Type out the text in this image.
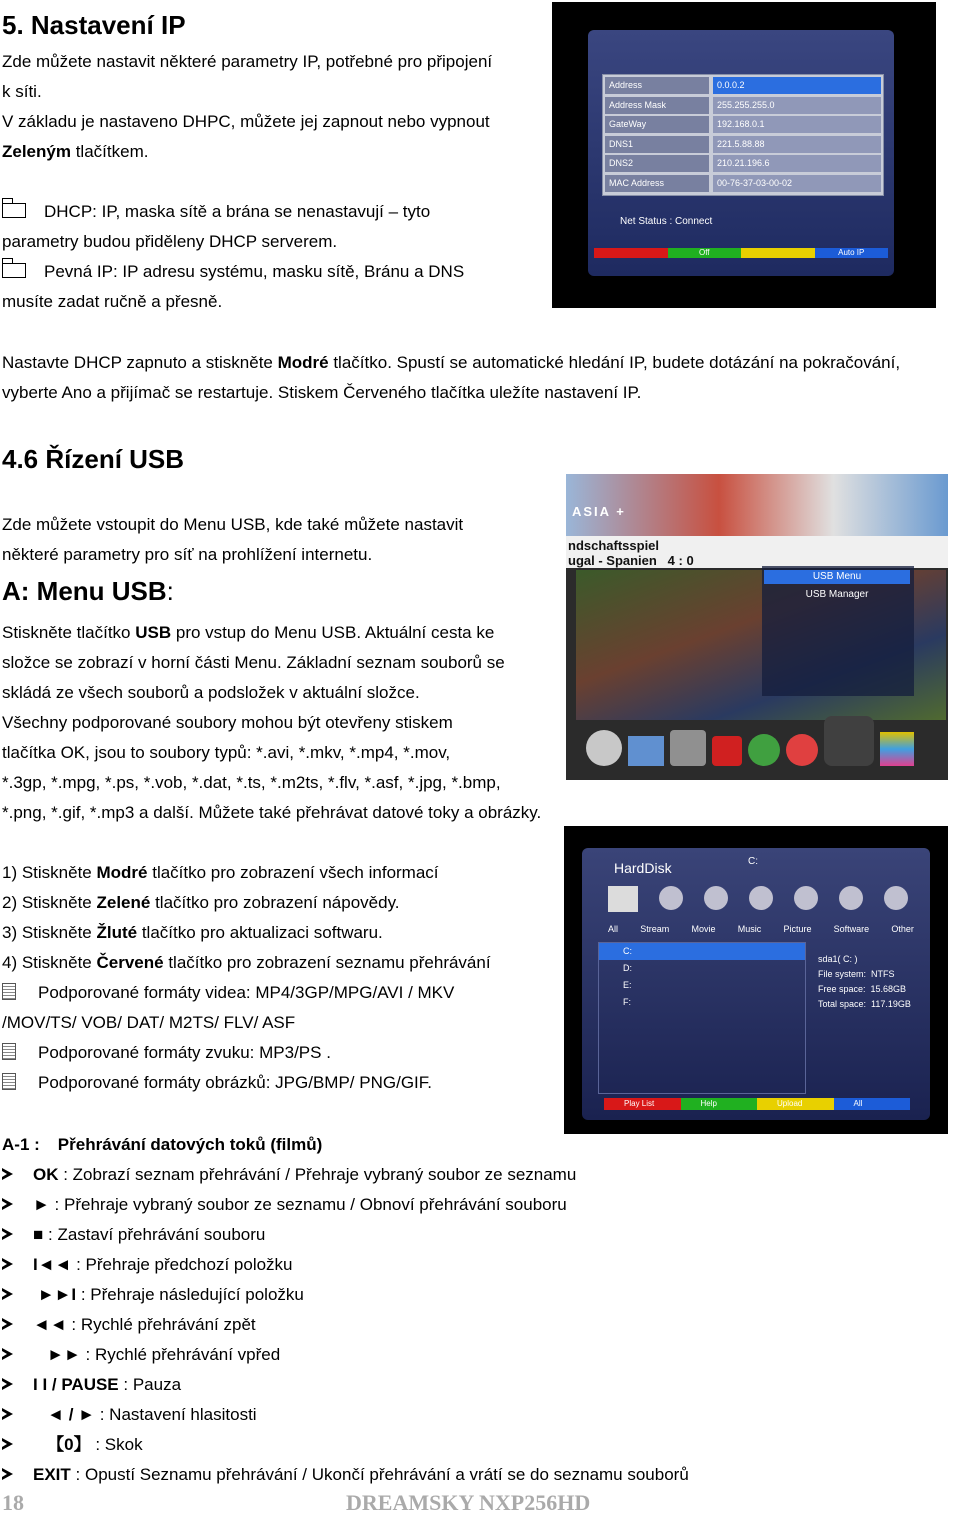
5. Nastavení IP
Zde můžete nastavit některé parametry IP, potřebné pro připojení
k síti.
V základu je nastaveno DHPC, můžete jej zapnout nebo vypnout
Zeleným tlačítkem.
DHCP: IP, maska sítě a brána se nenastavují – tyto
parametry budou přiděleny DHCP serverem.
Pevná IP: IP adresu systému, masku sítě, Bránu a DNS
musíte zadat ručně a přesně.
Address	0.0.0.2
Address Mask	255.255.255.0
GateWay	192.168.0.1
DNS1	221.5.88.88
DNS2	210.21.196.6
MAC Address	00-76-37-03-00-02
Net Status : Connect
Off	Auto IP
Nastavte DHCP zapnuto a stiskněte Modré tlačítko. Spustí se automatické hledání IP, budete dotázání na pokračování,
vyberte Ano a přijímač se restartuje. Stiskem Červeného tlačítka uležíte nastavení IP.
4.6 Řízení USB
Zde můžete vstoupit do Menu USB, kde také můžete nastavit
některé parametry pro síť na prohlížení internetu.
A: Menu USB:
Stiskněte tlačítko USB pro vstup do Menu USB. Aktuální cesta ke
složce se zobrazí v horní části Menu. Základní seznam souborů se
skládá ze všech souborů a podsložek v aktuální složce.
Všechny podporované soubory mohou být otevřeny stiskem
tlačítka OK, jsou to soubory typů: *.avi, *.mkv, *.mp4, *.mov,
*.3gp, *.mpg, *.ps, *.vob, *.dat, *.ts, *.m2ts, *.flv, *.asf, *.jpg, *.bmp,
*.png, *.gif, *.mp3 a další. Můžete také přehrávat datové toky a obrázky.
ASIA +
ndschaftsspiel
ugal - Spanien   4 : 0
USB Menu
USB Manager
1) Stiskněte Modré tlačítko pro zobrazení všech informací
2) Stiskněte Zelené tlačítko pro zobrazení nápovědy.
3) Stiskněte Žluté tlačítko pro aktualizaci softwaru.
4) Stiskněte Červené tlačítko pro zobrazení seznamu přehrávání
Podporované formáty videa: MP4/3GP/MPG/AVI / MKV
/MOV/TS/ VOB/ DAT/ M2TS/ FLV/ ASF
Podporované formáty zvuku: MP3/PS .
Podporované formáty obrázků: JPG/BMP/ PNG/GIF.
HardDisk	C:
All Stream Movie Music Picture Software Other
C:
D:
E:
F:
sda1( C: )
File system:  NTFS
Free space:  15.68GB
Total space:  117.19GB
Play List	Help	Upload	All
A-1 : Přehrávání datových toků (filmů)
OK : Zobrazí seznam přehrávání / Přehraje vybraný soubor ze seznamu
► : Přehraje vybraný soubor ze seznamu / Obnoví přehrávání souboru
■ : Zastaví přehrávání souboru
I◄◄ : Přehraje předchozí položku
►►I : Přehraje následující položku
◄◄ : Rychlé přehrávání zpět
►► : Rychlé přehrávání vpřed
I I / PAUSE : Pauza
◄ / ► : Nastavení hlasitosti
【0】 : Skok
EXIT : Opustí Seznamu přehrávání / Ukončí přehrávání a vrátí se do seznamu souborů
18	DREAMSKY NXP256HD
